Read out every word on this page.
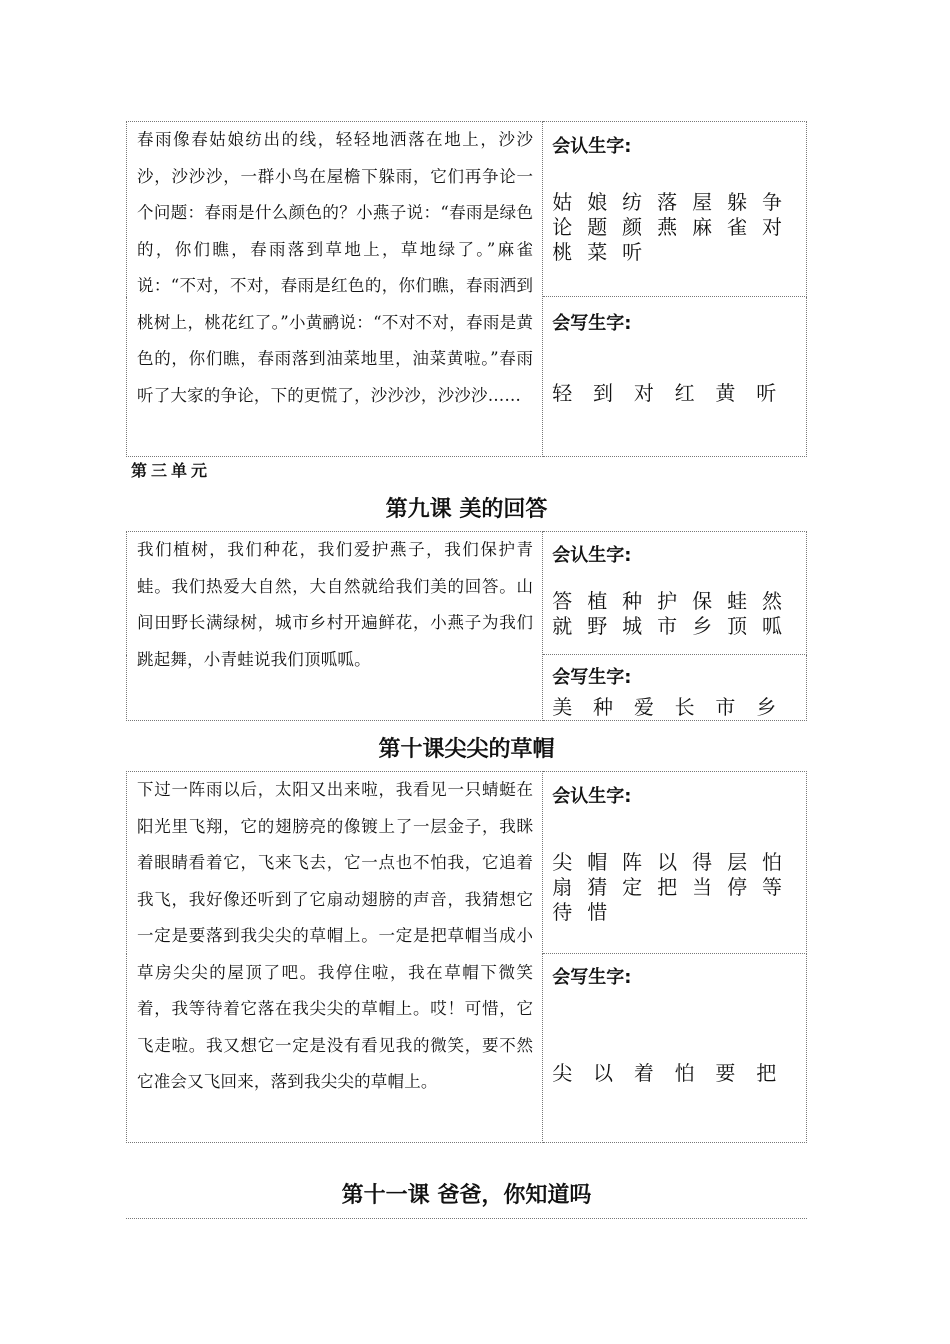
春雨像春姑娘纺出的线，轻轻地洒落在地上，沙沙沙，沙沙沙，一群小鸟在屋檐下躲雨，它们再争论一个问题：春雨是什么颜色的？小燕子说：“春雨是绿色的，你们瞧，春雨落到草地上，草地绿了。”麻雀说：“不对，不对，春雨是红色的，你们瞧，春雨洒到桃树上，桃花红了。”小黄鹂说：“不对不对，春雨是黄色的，你们瞧，春雨落到油菜地里，油菜黄啦。”春雨听了大家的争论，下的更慌了，沙沙沙，沙沙沙……

会认生字:

姑 娘 纺 落 屋 躲 争
论 题 颜 燕 麻 雀 对
桃 菜 听

会写生字:

轻	到	对	红	黄	听
第三单元
第九课 美的回答

我们植树，我们种花，我们爱护燕子，我们保护青蛙。我们热爱大自然，大自然就给我们美的回答。山间田野长满绿树，城市乡村开遍鲜花，小燕子为我们跳起舞，小青蛙说我们顶呱呱。

会认生字:

答 植 种 护 保 蛙 然
就 野 城 市 乡 顶 呱

会写生字:

美	种	爱	长	市	乡
第十课尖尖的草帽

下过一阵雨以后，太阳又出来啦，我看见一只蜻蜓在阳光里飞翔，它的翅膀亮的像镀上了一层金子，我眯着眼睛看着它，飞来飞去，它一点也不怕我，它追着我飞，我好像还听到了它扇动翅膀的声音，我猜想它一定是要落到我尖尖的草帽上。一定是把草帽当成小草房尖尖的屋顶了吧。我停住啦，我在草帽下微笑着，我等待着它落在我尖尖的草帽上。哎！可惜，它飞走啦。我又想它一定是没有看见我的微笑，要不然它准会又飞回来，落到我尖尖的草帽上。

会认生字:

尖 帽 阵 以 得 层 怕
扇 猜 定 把 当 停 等
待 惜

会写生字:

尖	以	着	怕	要	把
第十一课 爸爸，你知道吗
